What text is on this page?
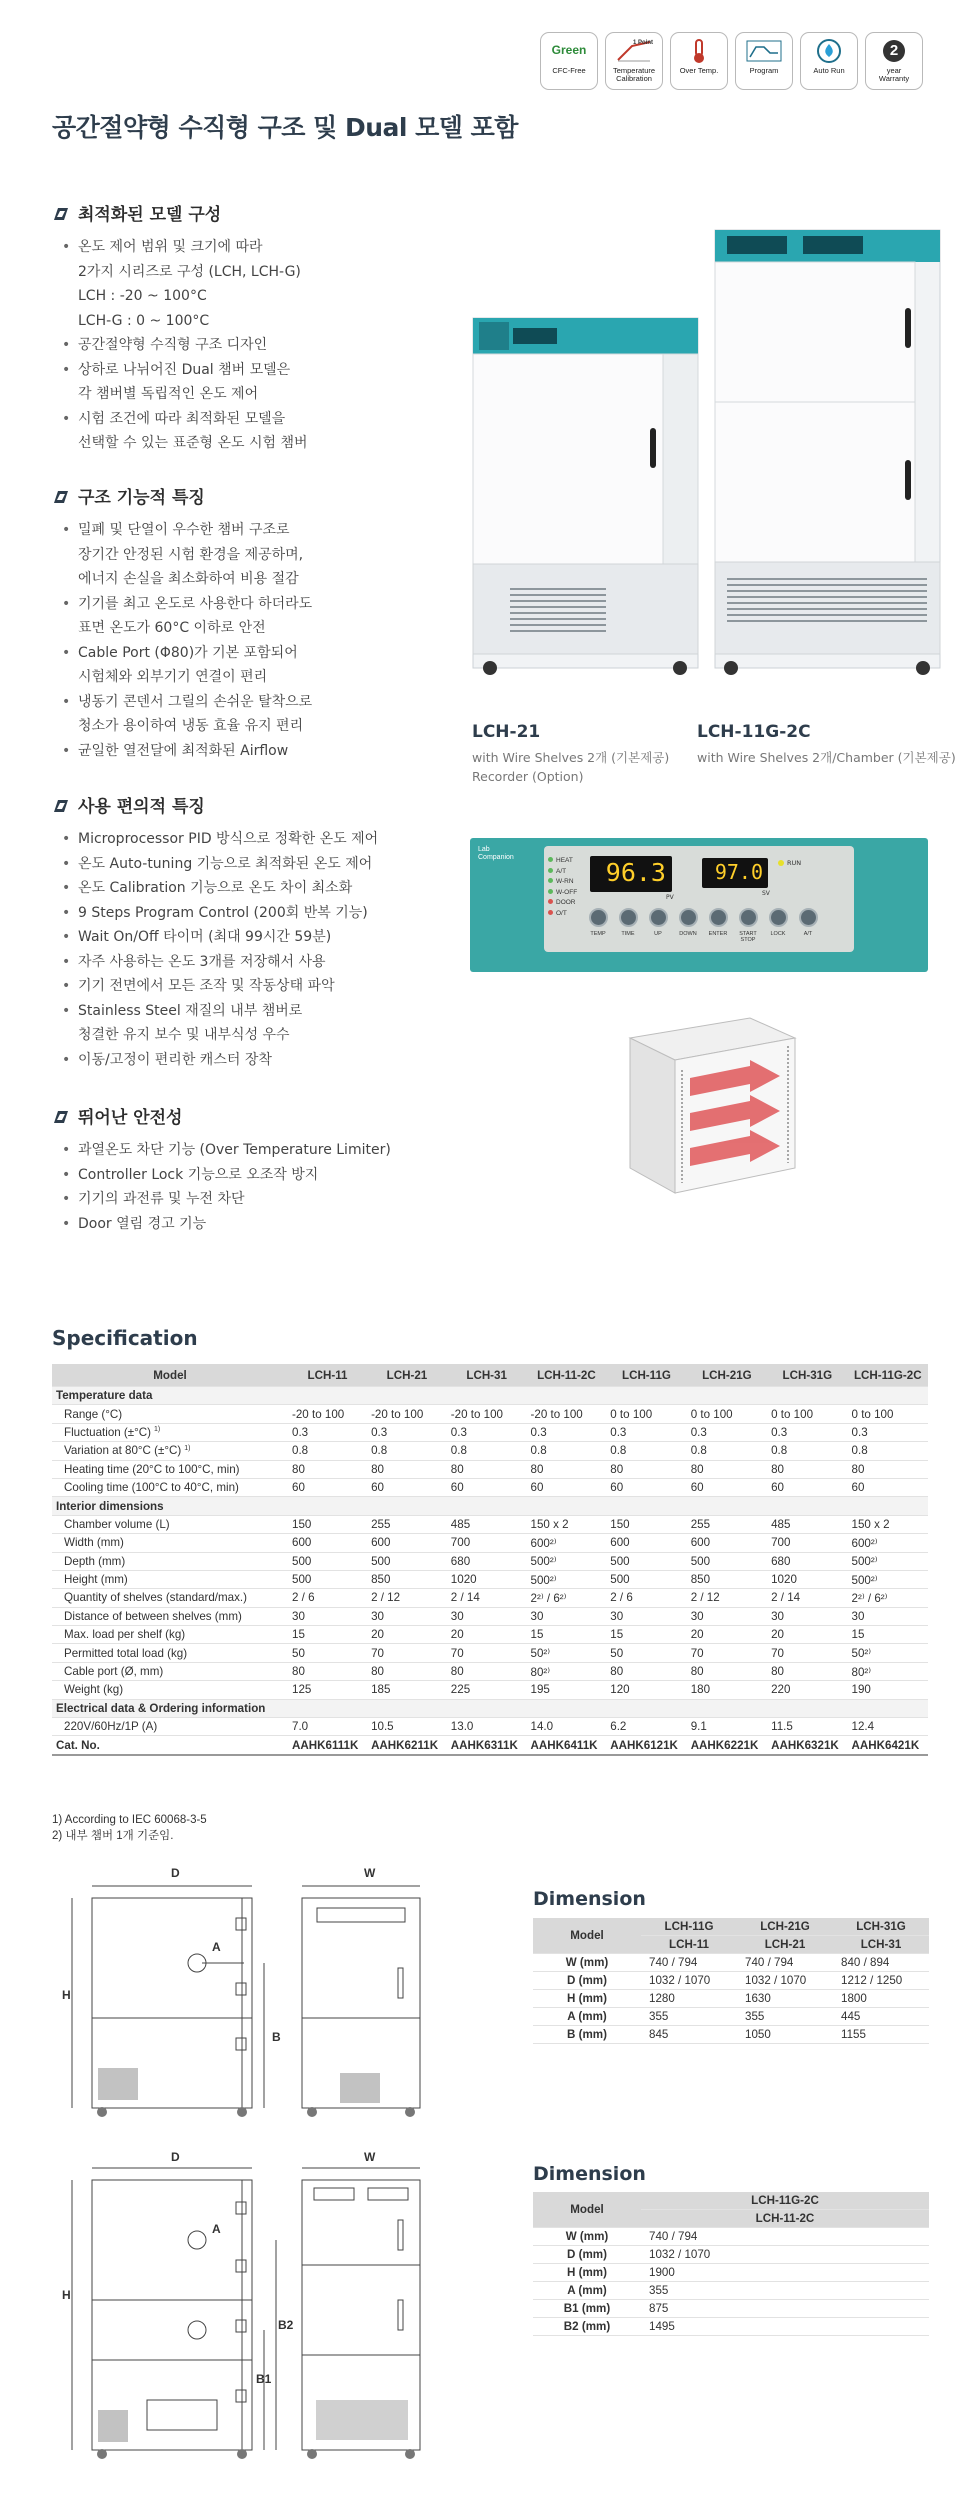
Green
CFC-Free
1 Point
Temperature
Calibration
Over Temp.	Program	Auto Run
2
year
Warranty
공간절약형 수직형 구조 및 Dual 모델 포함
최적화된 모델 구성
• 온도 제어 범위 및 크기에 따라
2가지 시리즈로 구성 (LCH, LCH-G)
LCH : -20 ~ 100°C
LCH-G : 0 ~ 100°C
• 공간절약형 수직형 구조 디자인
• 상하로 나뉘어진 Dual 챔버 모델은
각 챔버별 독립적인 온도 제어
• 시험 조건에 따라 최적화된 모델을
선택할 수 있는 표준형 온도 시험 챔버
구조 기능적 특징
• 밀폐 및 단열이 우수한 챔버 구조로
장기간 안정된 시험 환경을 제공하며,
에너지 손실을 최소화하여 비용 절감
• 기기를 최고 온도로 사용한다 하더라도
표면 온도가 60°C 이하로 안전
• Cable Port (Φ80)가 기본 포함되어
시험체와 외부기기 연결이 편리
• 냉동기 콘덴서 그릴의 손쉬운 탈착으로
청소가 용이하여 냉동 효율 유지 편리
• 균일한 열전달에 최적화된 Airflow
사용 편의적 특징
• Microprocessor PID 방식으로 정확한 온도 제어
• 온도 Auto-tuning 기능으로 최적화된 온도 제어
• 온도 Calibration 기능으로 온도 차이 최소화
• 9 Steps Program Control (200회 반복 기능)
• Wait On/Off 타이머 (최대 99시간 59분)
• 자주 사용하는 온도 3개를 저장해서 사용
• 기기 전면에서 모든 조작 및 작동상태 파악
• Stainless Steel 재질의 내부 챔버로
청결한 유지 보수 및 내부식성 우수
• 이동/고정이 편리한 캐스터 장착
뛰어난 안전성
• 과열온도 차단 기능 (Over Temperature Limiter)
• Controller Lock 기능으로 오조작 방지
• 기기의 과전류 및 누전 차단
• Door 열림 경고 기능
LCH-21
with Wire Shelves 2개 (기본제공)
Recorder (Option)
LCH-11G-2C
with Wire Shelves 2개/Chamber (기본제공)
Lab
Companion	HEAT
A/T
W-RN
W-OFF
DOOR
O/T
96.3
PV
97.0
SV
RUN
TEMP	TIME	UP	DOWN ENTER START
STOP
LOCK	A/T
Specification
Model	LCH-11	LCH-21	LCH-31	LCH-11-2C	LCH-11G	LCH-21G	LCH-31G	LCH-11G-2C
Temperature data								
Range (°C)	-20 to 100	-20 to 100	-20 to 100	-20 to 100	0 to 100	0 to 100	0 to 100	0 to 100
Fluctuation (±°C) $^{1)}$	0.3	0.3	0.3	0.3	0.3	0.3	0.3	0.3
Variation at 80°C (±°C) $^{1)}$	0.8	0.8	0.8	0.8	0.8	0.8	0.8	0.8
Heating time (20°C to 100°C, min)	80	80	80	80	80	80	80	80
Cooling time (100°C to 40°C, min)	60	60	60	60	60	60	60	60
Interior dimensions								
Chamber volume (L)	150	255	485	150 x 2	150	255	485	150 x 2
Width (mm)	600	600	700	600²⁾	600	600	700	600²⁾
Depth (mm)	500	500	680	500²⁾	500	500	680	500²⁾
Height (mm)	500	850	1020	500²⁾	500	850	1020	500²⁾
Quantity of shelves (standard/max.)	2 / 6	2 / 12	2 / 14	2²⁾ / 6²⁾	2 / 6	2 / 12	2 / 14	2²⁾ / 6²⁾
Distance of between shelves (mm)	30	30	30	30	30	30	30	30
Max. load per shelf (kg)	15	20	20	15	15	20	20	15
Permitted total load (kg)	50	70	70	50²⁾	50	70	70	50²⁾
Cable port (Ø, mm)	80	80	80	80²⁾	80	80	80	80²⁾
Weight (kg)	125	185	225	195	120	180	220	190
Electrical data & Ordering information								
220V/60Hz/1P (A)	7.0	10.5	13.0	14.0	6.2	9.1	11.5	12.4
Cat. No.	AAHK6111K	AAHK6211K	AAHK6311K	AAHK6411K	AAHK6121K	AAHK6221K	AAHK6321K	AAHK6421K
1) According to IEC 60068-3-5
2) 내부 챔버 1개 기준임.
D	W
H
A
B
D	W
H
A
B2
B1
Dimension
Model	LCH-11G	LCH-21G	LCH-31G
	LCH-11	LCH-21	LCH-31
W (mm)	740 / 794	740 / 794	840 / 894
D (mm)	1032 / 1070	1032 / 1070	1212 / 1250
H (mm)	1280	1630	1800
A (mm)	355	355	445
B (mm)	845	1050	1155
Dimension
Model	LCH-11G-2C
	LCH-11-2C
W (mm)	740 / 794
D (mm)	1032 / 1070
H (mm)	1900
A (mm)	355
B1 (mm)	875
B2 (mm)	1495
